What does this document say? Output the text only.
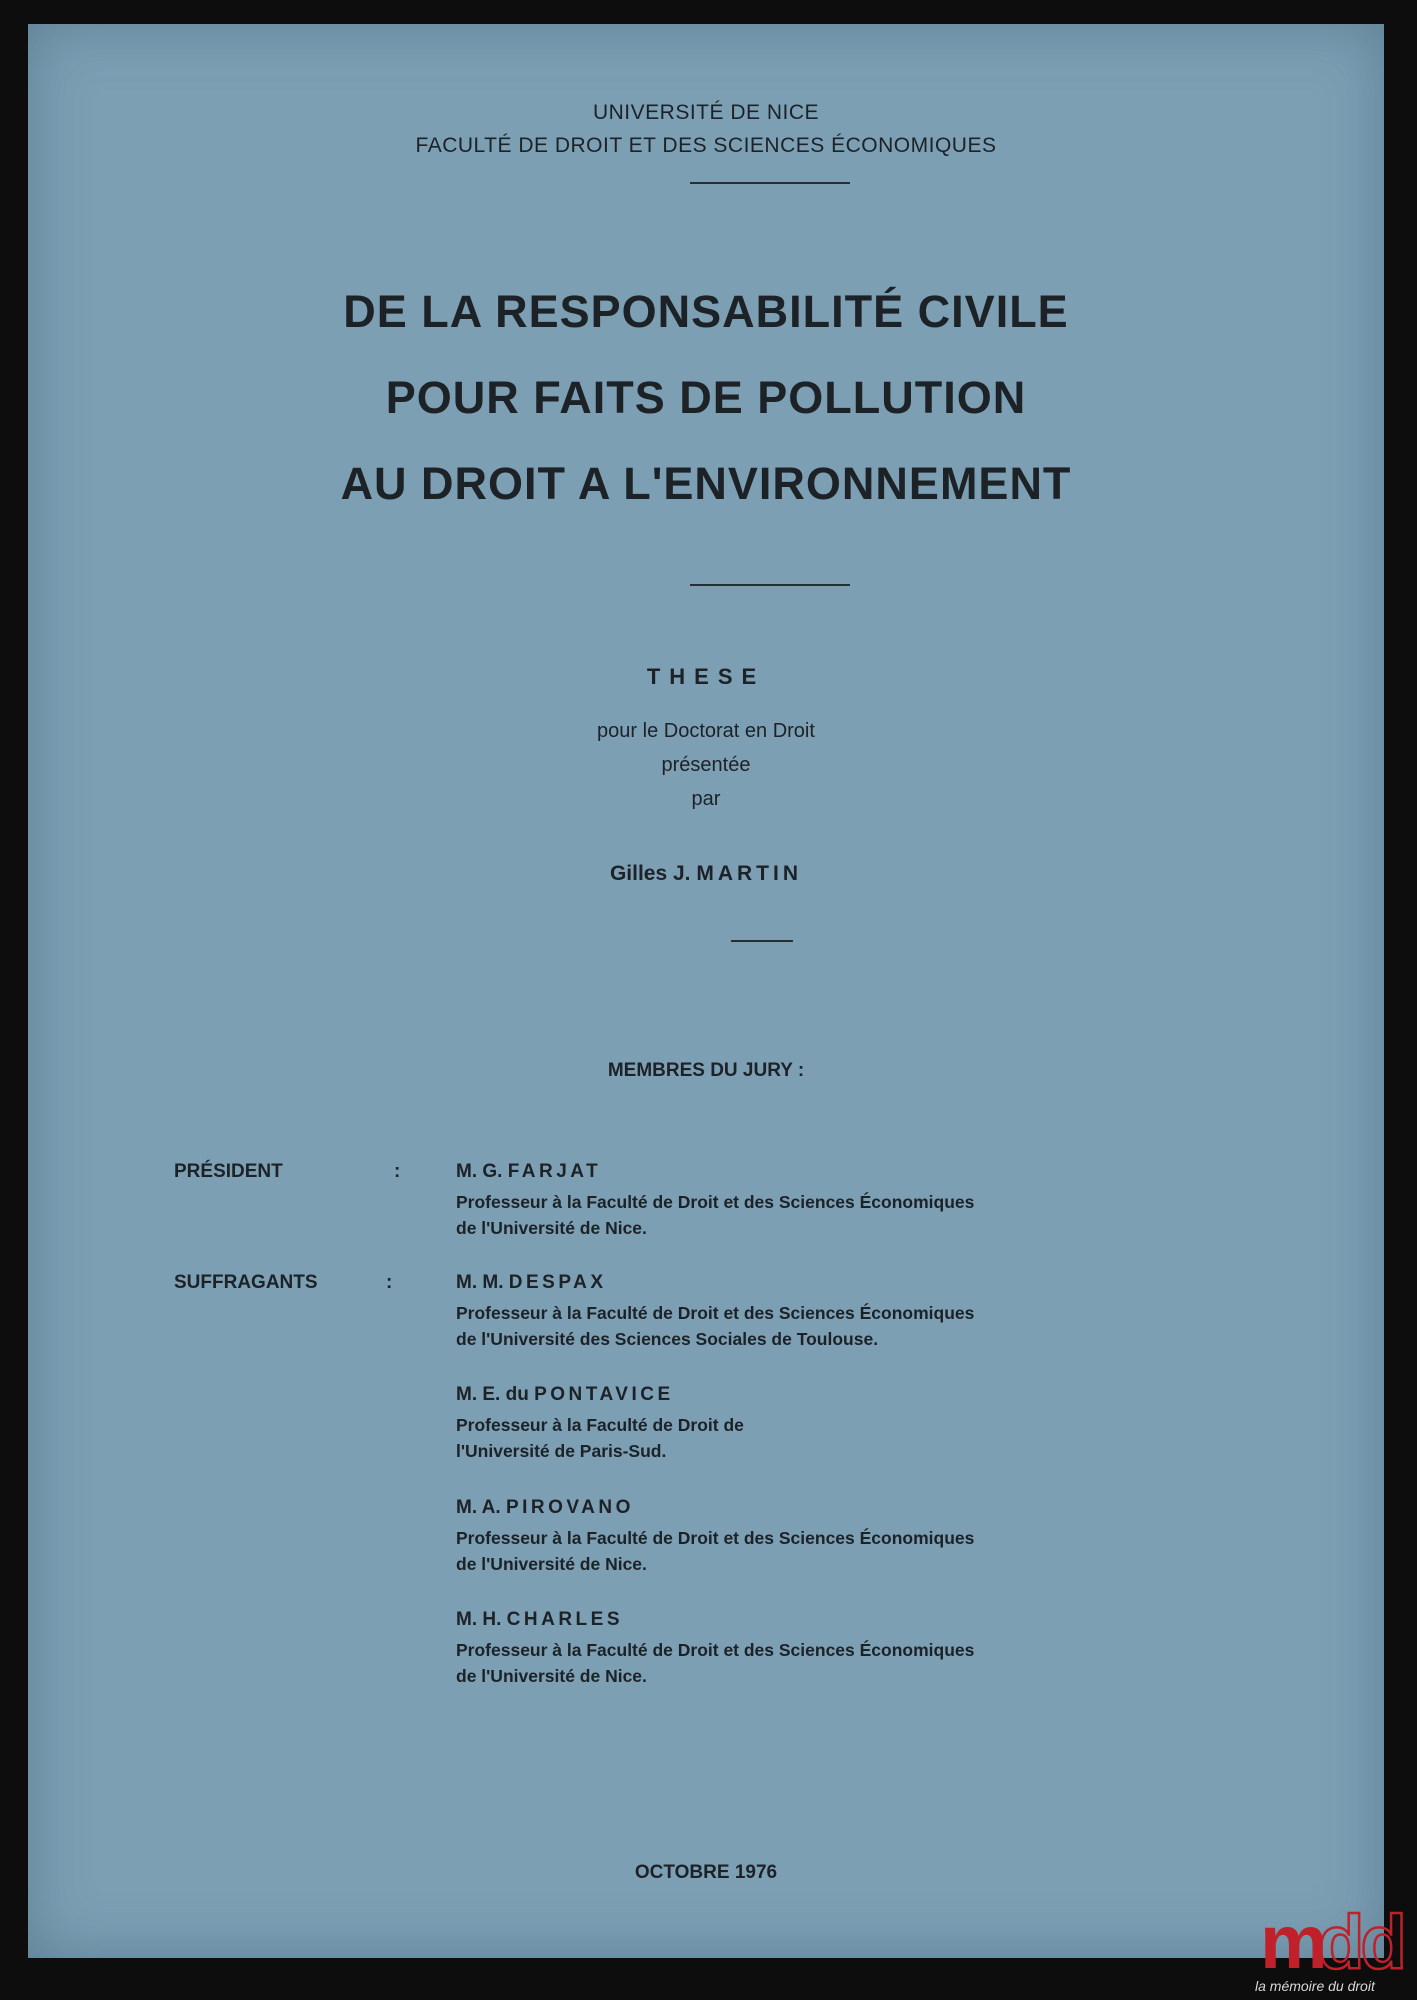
UNIVERSITÉ DE NICE
FACULTÉ DE DROIT ET DES SCIENCES ÉCONOMIQUES
DE LA RESPONSABILITÉ CIVILE
POUR FAITS DE POLLUTION
AU DROIT A L'ENVIRONNEMENT
THESE
pour le Doctorat en Droit
présentée
par
Gilles J. MARTIN
MEMBRES DU JURY :
PRÉSIDENT	:
SUFFRAGANTS	:
M. G. FARJAT
Professeur à la Faculté de Droit et des Sciences Économiques
de l'Université de Nice.
M. M. DESPAX
Professeur à la Faculté de Droit et des Sciences Économiques
de l'Université des Sciences Sociales de Toulouse.
M. E. du PONTAVICE
Professeur à la Faculté de Droit de
l'Université de Paris-Sud.
M. A. PIROVANO
Professeur à la Faculté de Droit et des Sciences Économiques
de l'Université de Nice.
M. H. CHARLES
Professeur à la Faculté de Droit et des Sciences Économiques
de l'Université de Nice.
OCTOBRE 1976
m
dd
la mémoire du droit
